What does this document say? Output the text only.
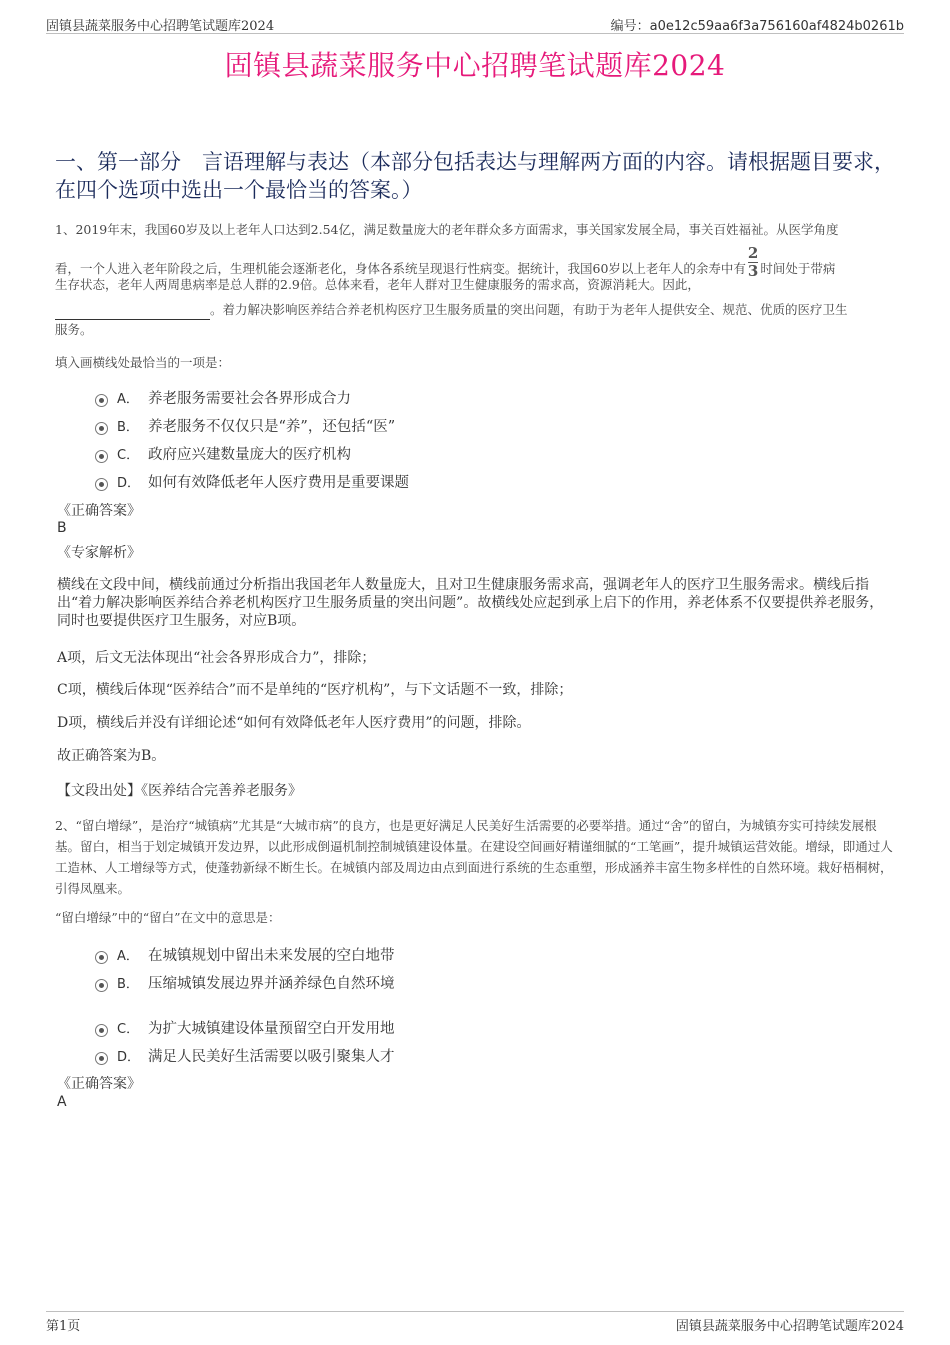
固镇县蔬菜服务中心招聘笔试题库2024	编号：a0e12c59aa6f3a756160af4824b0261b
固镇县蔬菜服务中心招聘笔试题库2024
一、第一部分　言语理解与表达（本部分包括表达与理解两方面的内容。请根据题目要求，在四个选项中选出一个最恰当的答案。）
1、2019年末，我国60岁及以上老年人口达到2.54亿，满足数量庞大的老年群众多方面需求，事关国家发展全局，事关百姓福祉。从医学角度
看，一个人进入老年阶段之后，生理机能会逐渐老化，身体各系统呈现退行性病变。据统计，我国60岁以上老年人的余寿中有 $\frac{2}{3}$ 时间处于带病
生存状态，老年人两周患病率是总人群的2.9倍。总体来看，老年人群对卫生健康服务的需求高，资源消耗大。因此，
。着力解决影响医养结合养老机构医疗卫生服务质量的突出问题，有助于为老年人提供安全、规范、优质的医疗卫生
服务。
填入画横线处最恰当的一项是：
A． 养老服务需要社会各界形成合力
B． 养老服务不仅仅只是“养”，还包括“医”
C． 政府应兴建数量庞大的医疗机构
D． 如何有效降低老年人医疗费用是重要课题
《正确答案》
B
《专家解析》
横线在文段中间，横线前通过分析指出我国老年人数量庞大，且对卫生健康服务需求高，强调老年人的医疗卫生服务需求。横线后指出“着力解决影响医养结合养老机构医疗卫生服务质量的突出问题”。故横线处应起到承上启下的作用，养老体系不仅要提供养老服务，同时也要提供医疗卫生服务，对应B项。
A项，后文无法体现出“社会各界形成合力”，排除；
C项，横线后体现“医养结合”而不是单纯的“医疗机构”，与下文话题不一致，排除；
D项，横线后并没有详细论述“如何有效降低老年人医疗费用”的问题，排除。
故正确答案为B。
【文段出处】《医养结合完善养老服务》
2、“留白增绿”，是治疗“城镇病”尤其是“大城市病”的良方，也是更好满足人民美好生活需要的必要举措。通过“舍”的留白，为城镇夯实可持续发展根基。留白，相当于划定城镇开发边界，以此形成倒逼机制控制城镇建设体量。在建设空间画好精谨细腻的“工笔画”，提升城镇运营效能。增绿，即通过人工造林、人工增绿等方式，使蓬勃新绿不断生长。在城镇内部及周边由点到面进行系统的生态重塑，形成涵养丰富生物多样性的自然环境。栽好梧桐树，引得凤凰来。
“留白增绿”中的“留白”在文中的意思是：
A． 在城镇规划中留出未来发展的空白地带
B． 压缩城镇发展边界并涵养绿色自然环境
C． 为扩大城镇建设体量预留空白开发用地
D． 满足人民美好生活需要以吸引聚集人才
《正确答案》
A
第1页	固镇县蔬菜服务中心招聘笔试题库2024
